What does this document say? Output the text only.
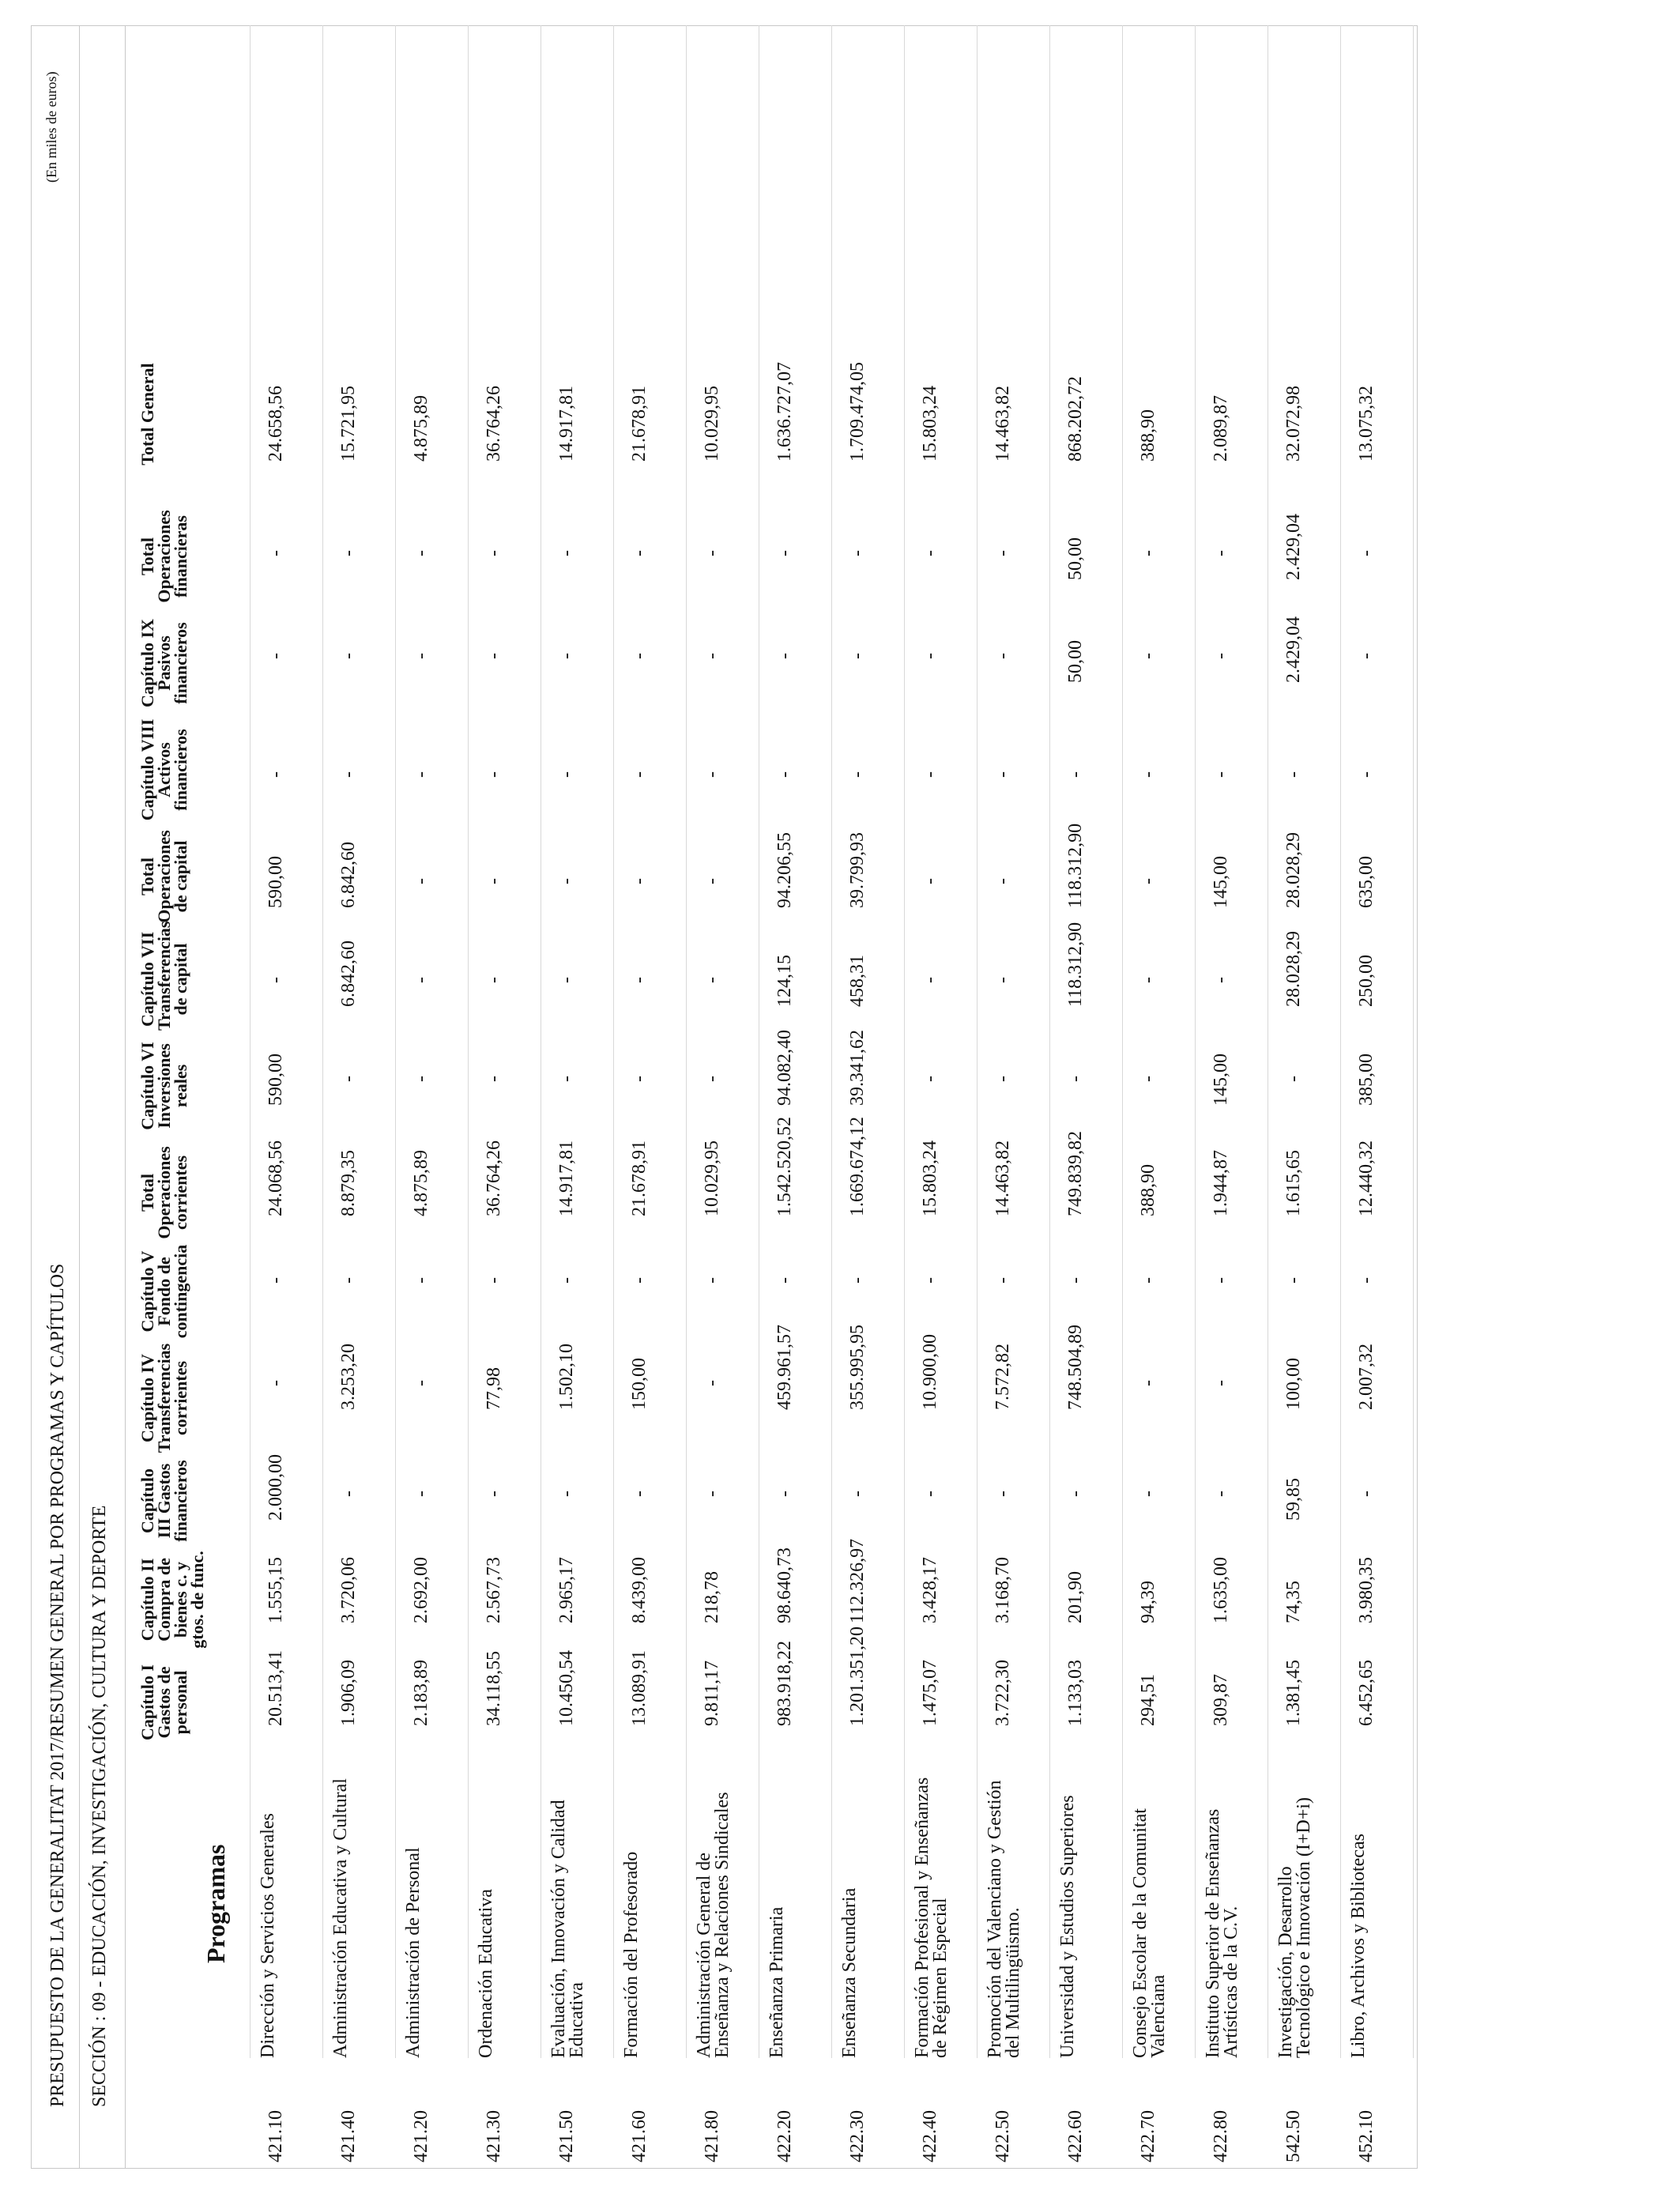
(En miles de euros)
PRESUPUESTO DE LA GENERALITAT 2017/RESUMEN GENERAL POR PROGRAMAS Y CAPÍTULOS SECCIÓN : 09 - EDUCACIÓN, INVESTIGACIÓN, CULTURA Y DEPORTE	Programas
Capítulo I Gastos de personal
Capítulo II Compra de bienes c. y gtos. de func.
Capítulo III Gastos financieros
Capítulo IV Transferencias corrientes
Capítulo V Fondo de contingencia
Total Operaciones corrientes
Capítulo VI Inversiones reales
Capítulo VII Transferencias de capital
Total Operaciones de capital
Capítulo VIII Activos financieros
Capítulo IX Pasivos financieros
Total Operaciones financieras
Total General
421.10
Dirección y Servicios Generales
20.513,41
1.555,15
2.000,00
-
-
24.068,56
590,00
-
590,00
-
-
-
24.658,56
421.40
Administración Educativa y Cultural
1.906,09
3.720,06
-
3.253,20
-
8.879,35
-
6.842,60
6.842,60
-
-
-
15.721,95
421.20
Administración de Personal
2.183,89
2.692,00
-
-
-
4.875,89
-
-
-
-
-
-
4.875,89
421.30
Ordenación Educativa
34.118,55
2.567,73
-
77,98
-
36.764,26
-
-
-
-
-
-
36.764,26
421.50
Evaluación, Innovación y Calidad Educativa
10.450,54
2.965,17
-
1.502,10
-
14.917,81
-
-
-
-
-
-
14.917,81
421.60
Formación del Profesorado
13.089,91
8.439,00
-
150,00
-
21.678,91
-
-
-
-
-
-
21.678,91
421.80
Administración General de Enseñanza y Relaciones Sindicales
9.811,17
218,78
-
-
-
10.029,95
-
-
-
-
-
-
10.029,95
422.20
Enseñanza Primaria
983.918,22
98.640,73
-
459.961,57
-
1.542.520,52
94.082,40
124,15
94.206,55
-
-
-
1.636.727,07
422.30
Enseñanza Secundaria
1.201.351,20
112.326,97
-
355.995,95
-
1.669.674,12
39.341,62
458,31
39.799,93
-
-
-
1.709.474,05
422.40
Formación Profesional y Enseñanzas de Régimen Especial
1.475,07
3.428,17
-
10.900,00
-
15.803,24
-
-
-
-
-
-
15.803,24
422.50
Promoción del Valenciano y Gestión del Multilingüismo.
3.722,30
3.168,70
-
7.572,82
-
14.463,82
-
-
-
-
-
-
14.463,82
422.60
Universidad y Estudios Superiores
1.133,03
201,90
-
748.504,89
-
749.839,82
-
118.312,90
118.312,90
-
50,00
50,00
868.202,72
422.70
Consejo Escolar de la Comunitat Valenciana
294,51
94,39
-
-
-
388,90
-
-
-
-
-
-
388,90
422.80
Instituto Superior de Enseñanzas Artísticas de la C.V.
309,87
1.635,00
-
-
-
1.944,87
145,00
-
145,00
-
-
-
2.089,87
542.50
Investigación, Desarrollo Tecnológico e Innovación (I+D+i)
1.381,45
74,35
59,85
100,00
-
1.615,65
-
28.028,29
28.028,29
-
2.429,04
2.429,04
32.072,98
452.10
Libro, Archivos y Bibliotecas
6.452,65
3.980,35
-
2.007,32
-
12.440,32
385,00
250,00
635,00
-
-
-
13.075,32
